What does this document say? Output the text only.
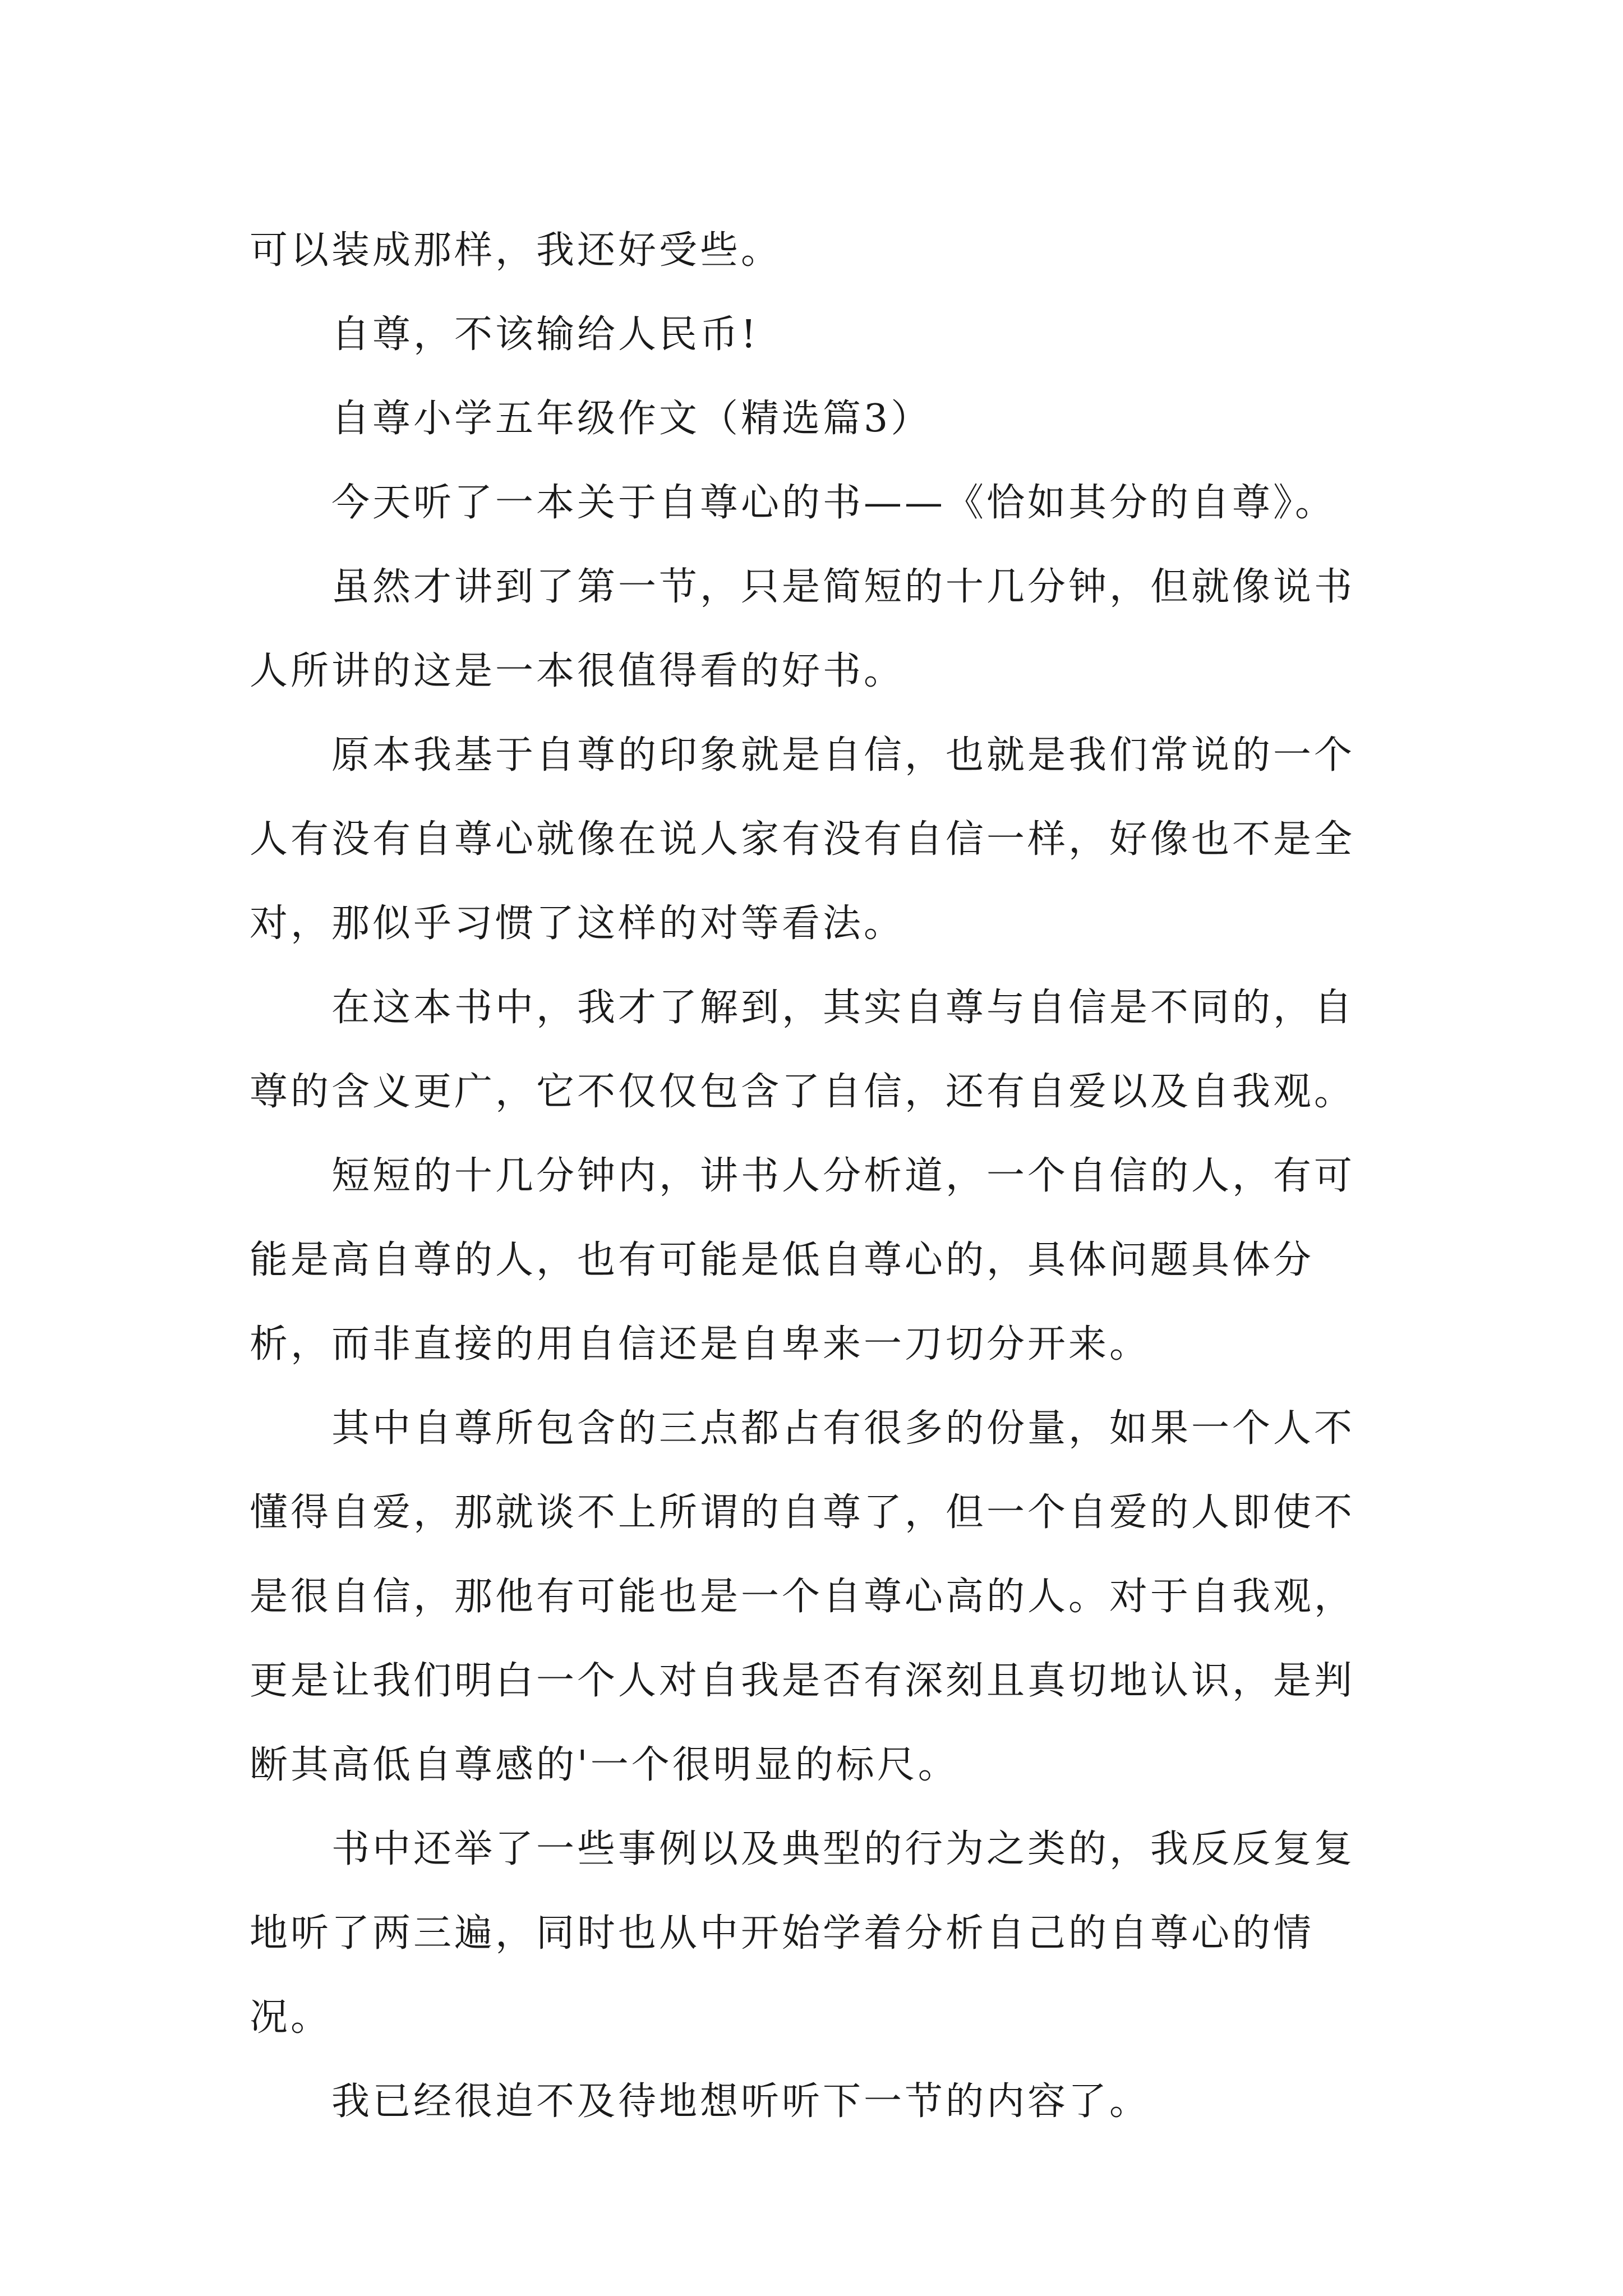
可以装成那样，我还好受些。

自尊，不该输给人民币!

自尊小学五年级作文（精选篇3）

今天听了一本关于自尊心的书——《恰如其分的自尊》。

虽然才讲到了第一节，只是简短的十几分钟，但就像说书人所讲的这是一本很值得看的好书。

原本我基于自尊的印象就是自信，也就是我们常说的一个人有没有自尊心就像在说人家有没有自信一样，好像也不是全对，那似乎习惯了这样的对等看法。

在这本书中，我才了解到，其实自尊与自信是不同的，自尊的含义更广，它不仅仅包含了自信，还有自爱以及自我观。

短短的十几分钟内，讲书人分析道，一个自信的人，有可能是高自尊的人，也有可能是低自尊心的，具体问题具体分析，而非直接的用自信还是自卑来一刀切分开来。

其中自尊所包含的三点都占有很多的份量，如果一个人不懂得自爱，那就谈不上所谓的自尊了，但一个自爱的人即使不是很自信，那他有可能也是一个自尊心高的人。对于自我观，更是让我们明白一个人对自我是否有深刻且真切地认识，是判断其高低自尊感的'一个很明显的标尺。

书中还举了一些事例以及典型的行为之类的，我反反复复地听了两三遍，同时也从中开始学着分析自己的自尊心的情况。

我已经很迫不及待地想听听下一节的内容了。
